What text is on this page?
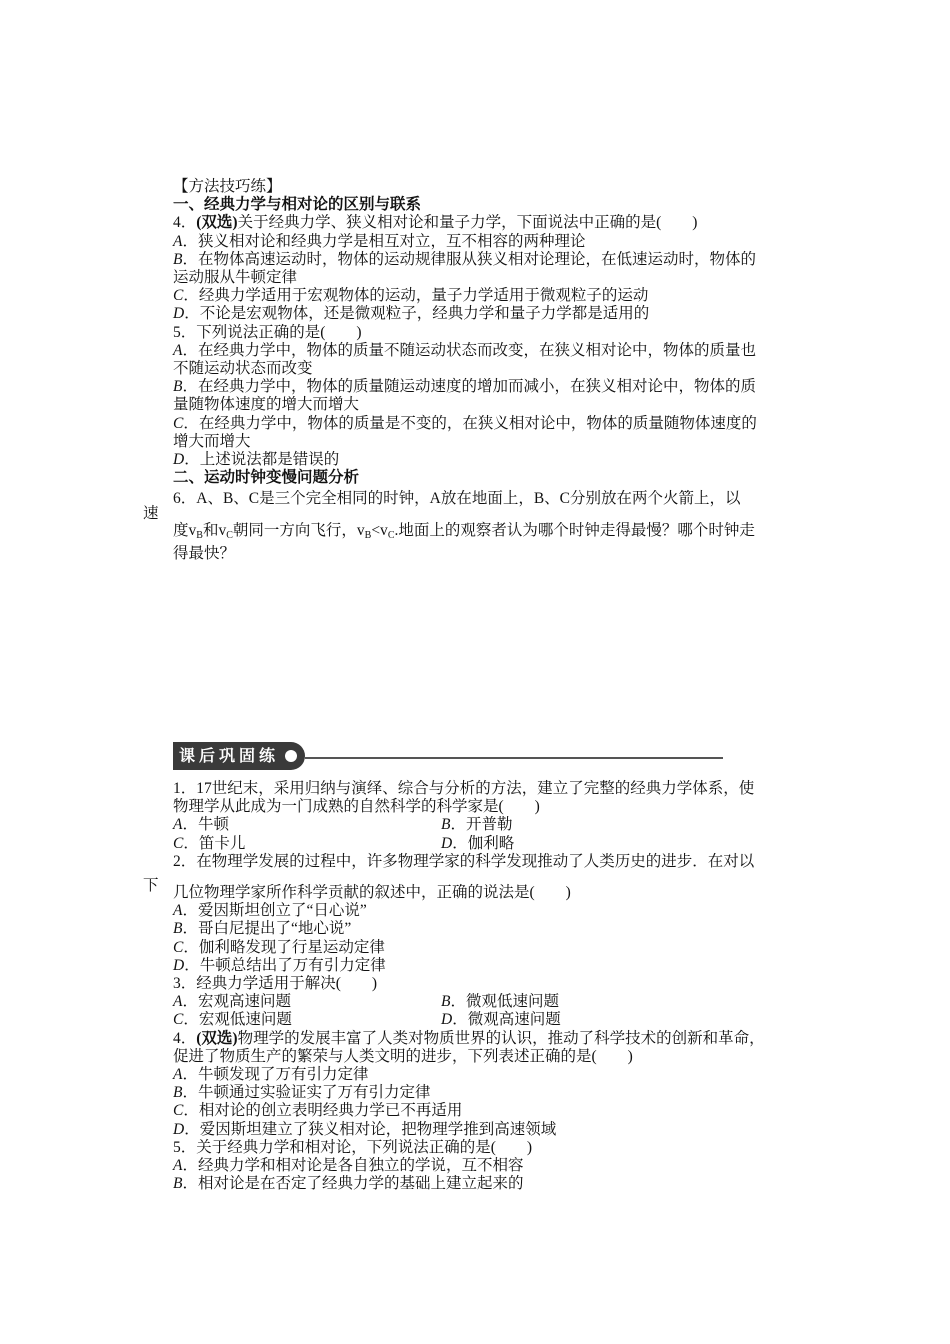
【方法技巧练】
一、经典力学与相对论的区别与联系
4．(双选)关于经典力学、狭义相对论和量子力学，下面说法中正确的是(　　)
A．狭义相对论和经典力学是相互对立，互不相容的两种理论
B．在物体高速运动时，物体的运动规律服从狭义相对论理论，在低速运动时，物体的
运动服从牛顿定律
C．经典力学适用于宏观物体的运动，量子力学适用于微观粒子的运动
D．不论是宏观物体，还是微观粒子，经典力学和量子力学都是适用的
5．下列说法正确的是(　　)
A．在经典力学中，物体的质量不随运动状态而改变，在狭义相对论中，物体的质量也
不随运动状态而改变
B．在经典力学中，物体的质量随运动速度的增加而减小，在狭义相对论中，物体的质
量随物体速度的增大而增大
C．在经典力学中，物体的质量是不变的，在狭义相对论中，物体的质量随物体速度的
增大而增大
D．上述说法都是错误的
二、运动时钟变慢问题分析
6．A、B、C是三个完全相同的时钟，A放在地面上，B、C分别放在两个火箭上，以
度$v_B$和$v_C$朝同一方向飞行，$v_B<v_C$.地面上的观察者认为哪个时钟走得最慢？哪个时钟走
得最快？
速
课后巩固练
1．17世纪末，采用归纳与演绎、综合与分析的方法，建立了完整的经典力学体系，使
物理学从此成为一门成熟的自然科学的科学家是(　　)
A．牛顿	B．开普勒
C．笛卡儿	D．伽利略
2．在物理学发展的过程中，许多物理学家的科学发现推动了人类历史的进步．在对以
几位物理学家所作科学贡献的叙述中，正确的说法是(　　)
A．爱因斯坦创立了“日心说”
B．哥白尼提出了“地心说”
C．伽利略发现了行星运动定律
D．牛顿总结出了万有引力定律
3．经典力学适用于解决(　　)
A．宏观高速问题	B．微观低速问题
C．宏观低速问题	D．微观高速问题
4．(双选)物理学的发展丰富了人类对物质世界的认识，推动了科学技术的创新和革命，
促进了物质生产的繁荣与人类文明的进步，下列表述正确的是(　　)
A．牛顿发现了万有引力定律
B．牛顿通过实验证实了万有引力定律
C．相对论的创立表明经典力学已不再适用
D．爱因斯坦建立了狭义相对论，把物理学推到高速领域
5．关于经典力学和相对论，下列说法正确的是(　　)
A．经典力学和相对论是各自独立的学说，互不相容
B．相对论是在否定了经典力学的基础上建立起来的
下
